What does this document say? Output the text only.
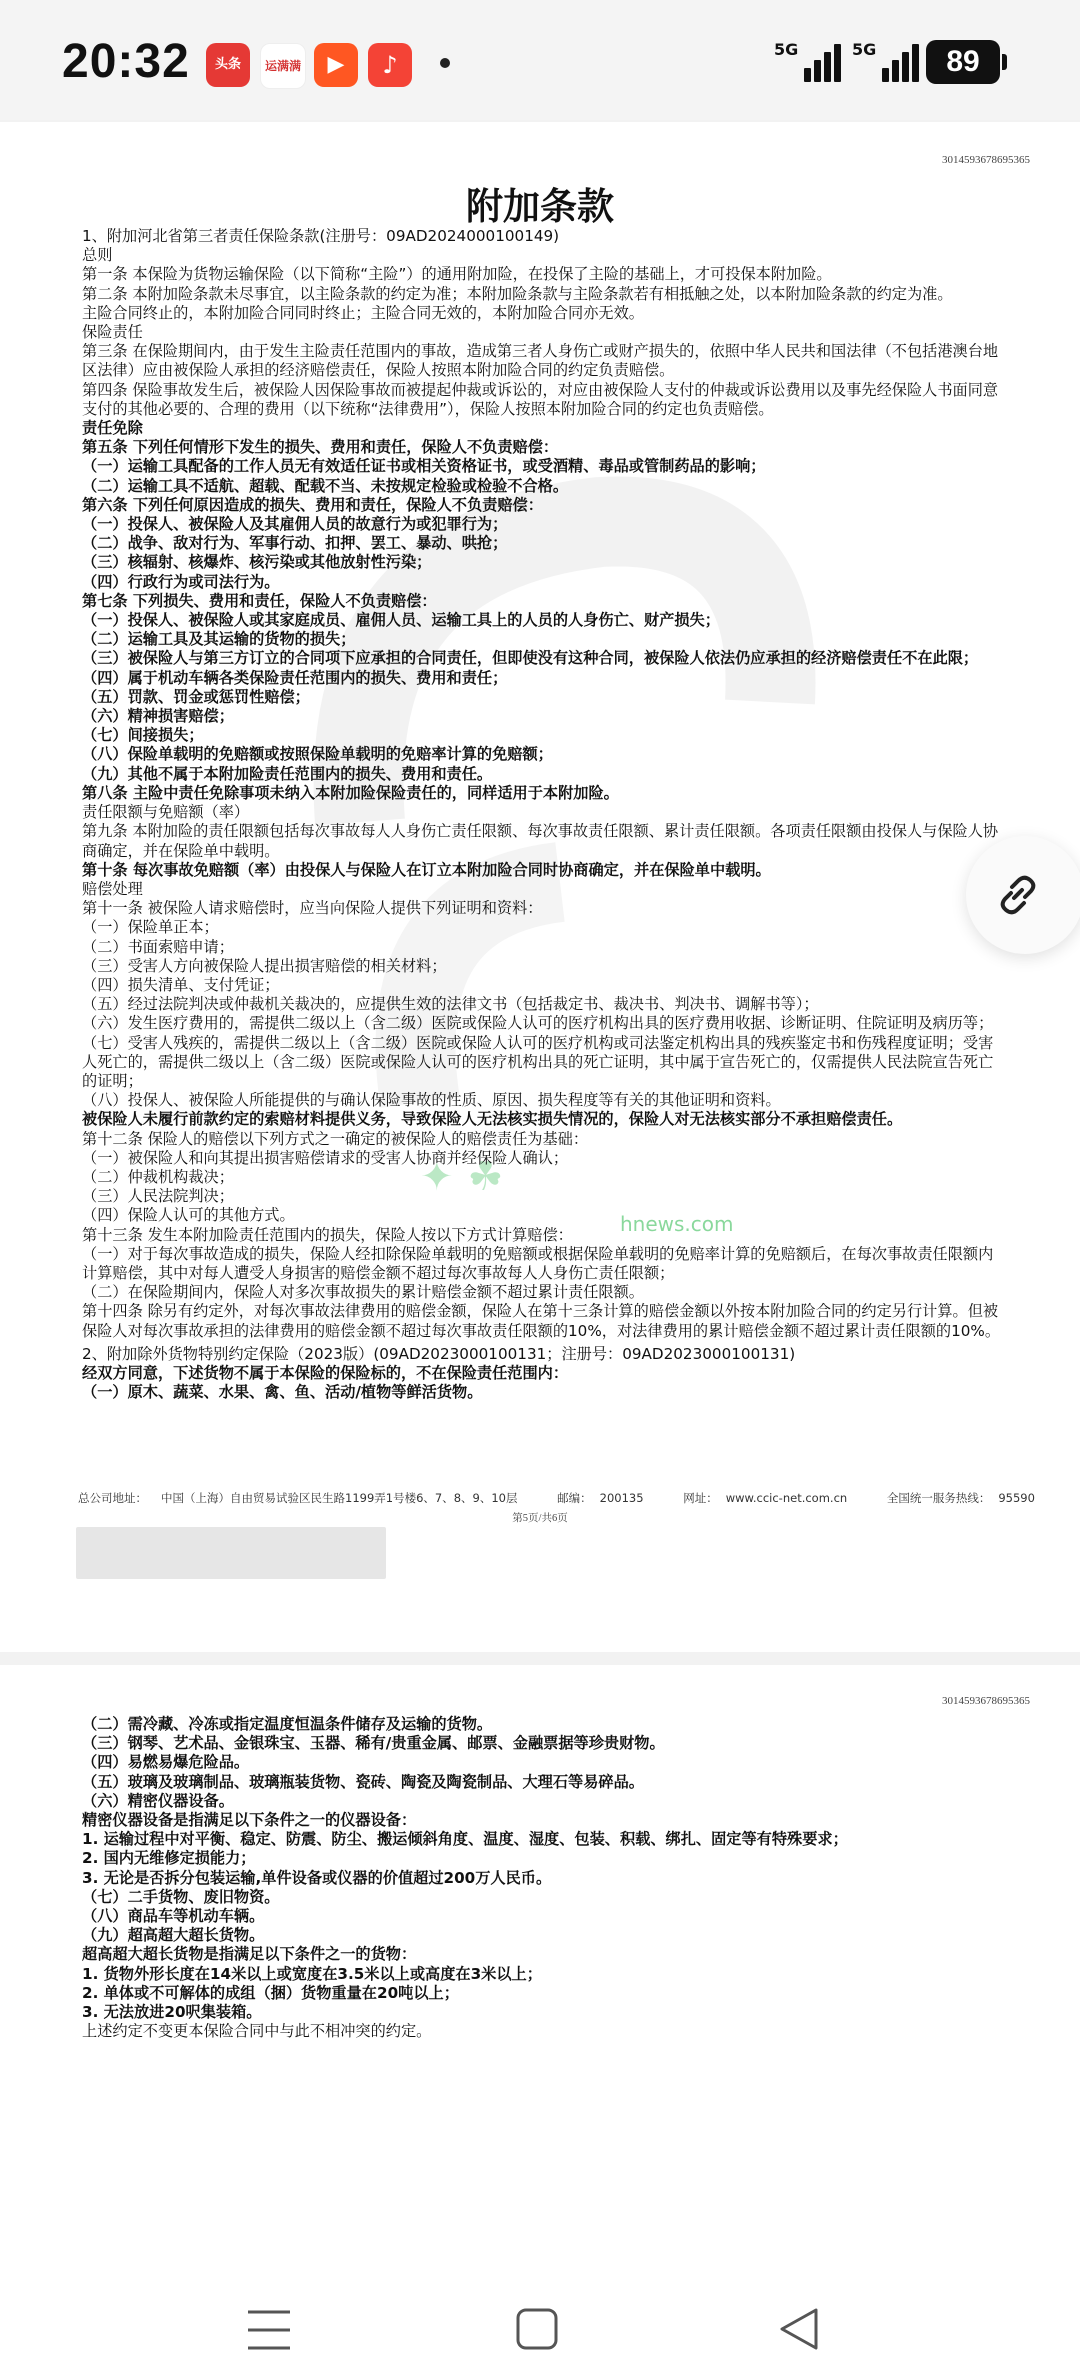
20:32	头条	运满满	▶	♪
5G	5G	89
3014593678695365
附加条款
✦ ☘
hnews.com

1、附加河北省第三者责任保险条款(注册号：09AD2024000100149)

总则

第一条 本保险为货物运输保险（以下简称“主险”）的通用附加险，在投保了主险的基础上，才可投保本附加险。

第二条 本附加险条款未尽事宜，以主险条款的约定为准；本附加险条款与主险条款若有相抵触之处，以本附加险条款的约定为准。

主险合同终止的，本附加险合同同时终止；主险合同无效的，本附加险合同亦无效。

保险责任

第三条 在保险期间内，由于发生主险责任范围内的事故，造成第三者人身伤亡或财产损失的，依照中华人民共和国法律（不包括港澳台地区法律）应由被保险人承担的经济赔偿责任，保险人按照本附加险合同的约定负责赔偿。

第四条 保险事故发生后，被保险人因保险事故而被提起仲裁或诉讼的，对应由被保险人支付的仲裁或诉讼费用以及事先经保险人书面同意支付的其他必要的、合理的费用（以下统称“法律费用”），保险人按照本附加险合同的约定也负责赔偿。

责任免除

第五条 下列任何情形下发生的损失、费用和责任，保险人不负责赔偿：

（一）运输工具配备的工作人员无有效适任证书或相关资格证书，或受酒精、毒品或管制药品的影响；

（二）运输工具不适航、超载、配载不当、未按规定检验或检验不合格。

第六条 下列任何原因造成的损失、费用和责任，保险人不负责赔偿：

（一）投保人、被保险人及其雇佣人员的故意行为或犯罪行为；

（二）战争、敌对行为、军事行动、扣押、罢工、暴动、哄抢；

（三）核辐射、核爆炸、核污染或其他放射性污染；

（四）行政行为或司法行为。

第七条 下列损失、费用和责任，保险人不负责赔偿：

（一）投保人、被保险人或其家庭成员、雇佣人员、运输工具上的人员的人身伤亡、财产损失；

（二）运输工具及其运输的货物的损失；

（三）被保险人与第三方订立的合同项下应承担的合同责任，但即使没有这种合同，被保险人依法仍应承担的经济赔偿责任不在此限；

（四）属于机动车辆各类保险责任范围内的损失、费用和责任；

（五）罚款、罚金或惩罚性赔偿；

（六）精神损害赔偿；

（七）间接损失；

（八）保险单载明的免赔额或按照保险单载明的免赔率计算的免赔额；

（九）其他不属于本附加险责任范围内的损失、费用和责任。

第八条 主险中责任免除事项未纳入本附加险保险责任的，同样适用于本附加险。

责任限额与免赔额（率）

第九条 本附加险的责任限额包括每次事故每人人身伤亡责任限额、每次事故责任限额、累计责任限额。各项责任限额由投保人与保险人协商确定，并在保险单中载明。

第十条 每次事故免赔额（率）由投保人与保险人在订立本附加险合同时协商确定，并在保险单中载明。

赔偿处理

第十一条 被保险人请求赔偿时，应当向保险人提供下列证明和资料：

（一）保险单正本；

（二）书面索赔申请；

（三）受害人方向被保险人提出损害赔偿的相关材料；

（四）损失清单、支付凭证；

（五）经过法院判决或仲裁机关裁决的，应提供生效的法律文书（包括裁定书、裁决书、判决书、调解书等）；

（六）发生医疗费用的，需提供二级以上（含二级）医院或保险人认可的医疗机构出具的医疗费用收据、诊断证明、住院证明及病历等；

（七）受害人残疾的，需提供二级以上（含二级）医院或保险人认可的医疗机构或司法鉴定机构出具的残疾鉴定书和伤残程度证明；受害人死亡的，需提供二级以上（含二级）医院或保险人认可的医疗机构出具的死亡证明，其中属于宣告死亡的，仅需提供人民法院宣告死亡的证明；

（八）投保人、被保险人所能提供的与确认保险事故的性质、原因、损失程度等有关的其他证明和资料。

被保险人未履行前款约定的索赔材料提供义务，导致保险人无法核实损失情况的，保险人对无法核实部分不承担赔偿责任。

第十二条 保险人的赔偿以下列方式之一确定的被保险人的赔偿责任为基础：

（一）被保险人和向其提出损害赔偿请求的受害人协商并经保险人确认；

（二）仲裁机构裁决；

（三）人民法院判决；

（四）保险人认可的其他方式。

第十三条 发生本附加险责任范围内的损失，保险人按以下方式计算赔偿：

（一）对于每次事故造成的损失，保险人经扣除保险单载明的免赔额或根据保险单载明的免赔率计算的免赔额后，在每次事故责任限额内计算赔偿，其中对每人遭受人身损害的赔偿金额不超过每次事故每人人身伤亡责任限额；

（二）在保险期间内，保险人对多次事故损失的累计赔偿金额不超过累计责任限额。

第十四条 除另有约定外，对每次事故法律费用的赔偿金额，保险人在第十三条计算的赔偿金额以外按本附加险合同的约定另行计算。但被保险人对每次事故承担的法律费用的赔偿金额不超过每次事故责任限额的10%，对法律费用的累计赔偿金额不超过累计责任限额的10%。

2、附加除外货物特别约定保险（2023版）(09AD2023000100131；注册号：09AD2023000100131)

经双方同意，下述货物不属于本保险的保险标的，不在保险责任范围内：

（一）原木、蔬菜、水果、禽、鱼、活动/植物等鲜活货物。

总公司地址： 中国（上海）自由贸易试验区民生路1199弄1号楼6、7、8、9、10层	邮编： 200135	网址： www.ccic-net.com.cn	全国统一服务热线： 95590
第5页/共6页
3014593678695365

（二）需冷藏、冷冻或指定温度恒温条件储存及运输的货物。

（三）钢琴、艺术品、金银珠宝、玉器、稀有/贵重金属、邮票、金融票据等珍贵财物。

（四）易燃易爆危险品。

（五）玻璃及玻璃制品、玻璃瓶装货物、瓷砖、陶瓷及陶瓷制品、大理石等易碎品。

（六）精密仪器设备。

精密仪器设备是指满足以下条件之一的仪器设备：

1. 运输过程中对平衡、稳定、防震、防尘、搬运倾斜角度、温度、湿度、包装、积载、绑扎、固定等有特殊要求；

2. 国内无维修定损能力；

3. 无论是否拆分包装运输,单件设备或仪器的价值超过200万人民币。

（七）二手货物、废旧物资。

（八）商品车等机动车辆。

（九）超高超大超长货物。

超高超大超长货物是指满足以下条件之一的货物：

1. 货物外形长度在14米以上或宽度在3.5米以上或高度在3米以上；

2. 单体或不可解体的成组（捆）货物重量在20吨以上；

3. 无法放进20呎集装箱。

上述约定不变更本保险合同中与此不相冲突的约定。
